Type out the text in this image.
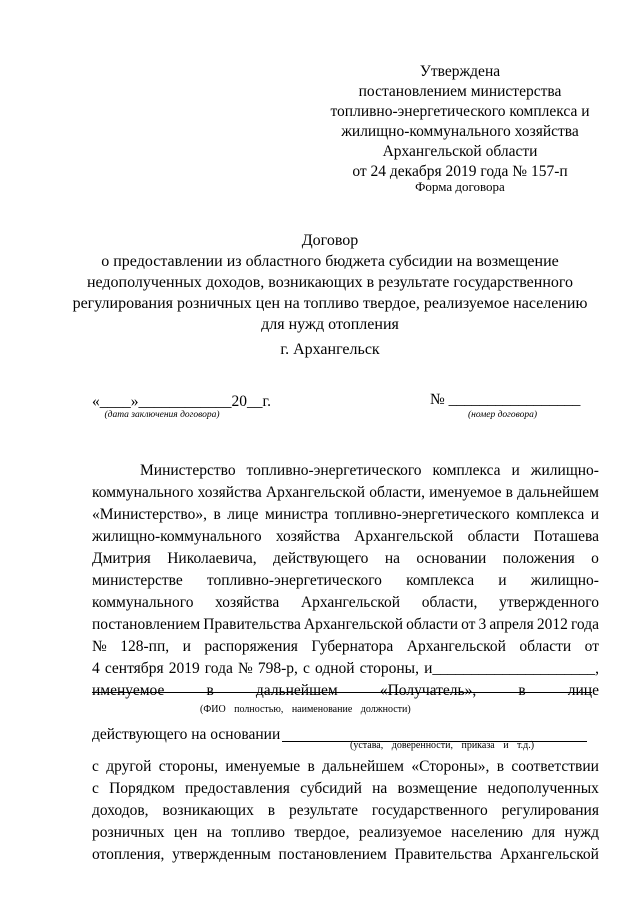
Утверждена
постановлением министерства
топливно-энергетического комплекса и
жилищно-коммунального хозяйства
Архангельской области
от 24 декабря 2019 года № 157-п
Форма договора
Договор
о предоставлении из областного бюджета субсидии на возмещение
недополученных доходов, возникающих в результате государственного
регулирования розничных цен на топливо твердое, реализуемое населению
для нужд отопления
г. Архангельск
«____»____________20__г.
(дата заключения договора)
№ _________________
(номер договора)
Министерство топливно-энергетического комплекса и жилищно-
коммунального хозяйства Архангельской области, именуемое в дальнейшем
«Министерство», в лице министра топливно-энергетического комплекса и
жилищно-коммунального хозяйства Архангельской области Поташева
Дмитрия Николаевича, действующего на основании положения о
министерстве топливно-энергетического комплекса и жилищно-
коммунального хозяйства Архангельской области, утвержденного
постановлением Правительства Архангельской области от 3 апреля 2012 года
№ 128-пп, и распоряжения Губернатора Архангельской области от
4 сентября 2019 года № 798-р, с одной стороны, и_____________________,
именуемое	в	дальнейшем	«Получатель»,	в	лице
(ФИО полностью, наименование должности)
действующего на основании
(устава, доверенности, приказа и т.д.)
с другой стороны, именуемые в дальнейшем «Стороны», в соответствии
с Порядком предоставления субсидий на возмещение недополученных
доходов, возникающих в результате государственного регулирования
розничных цен на топливо твердое, реализуемое населению для нужд
отопления, утвержденным постановлением Правительства Архангельской
